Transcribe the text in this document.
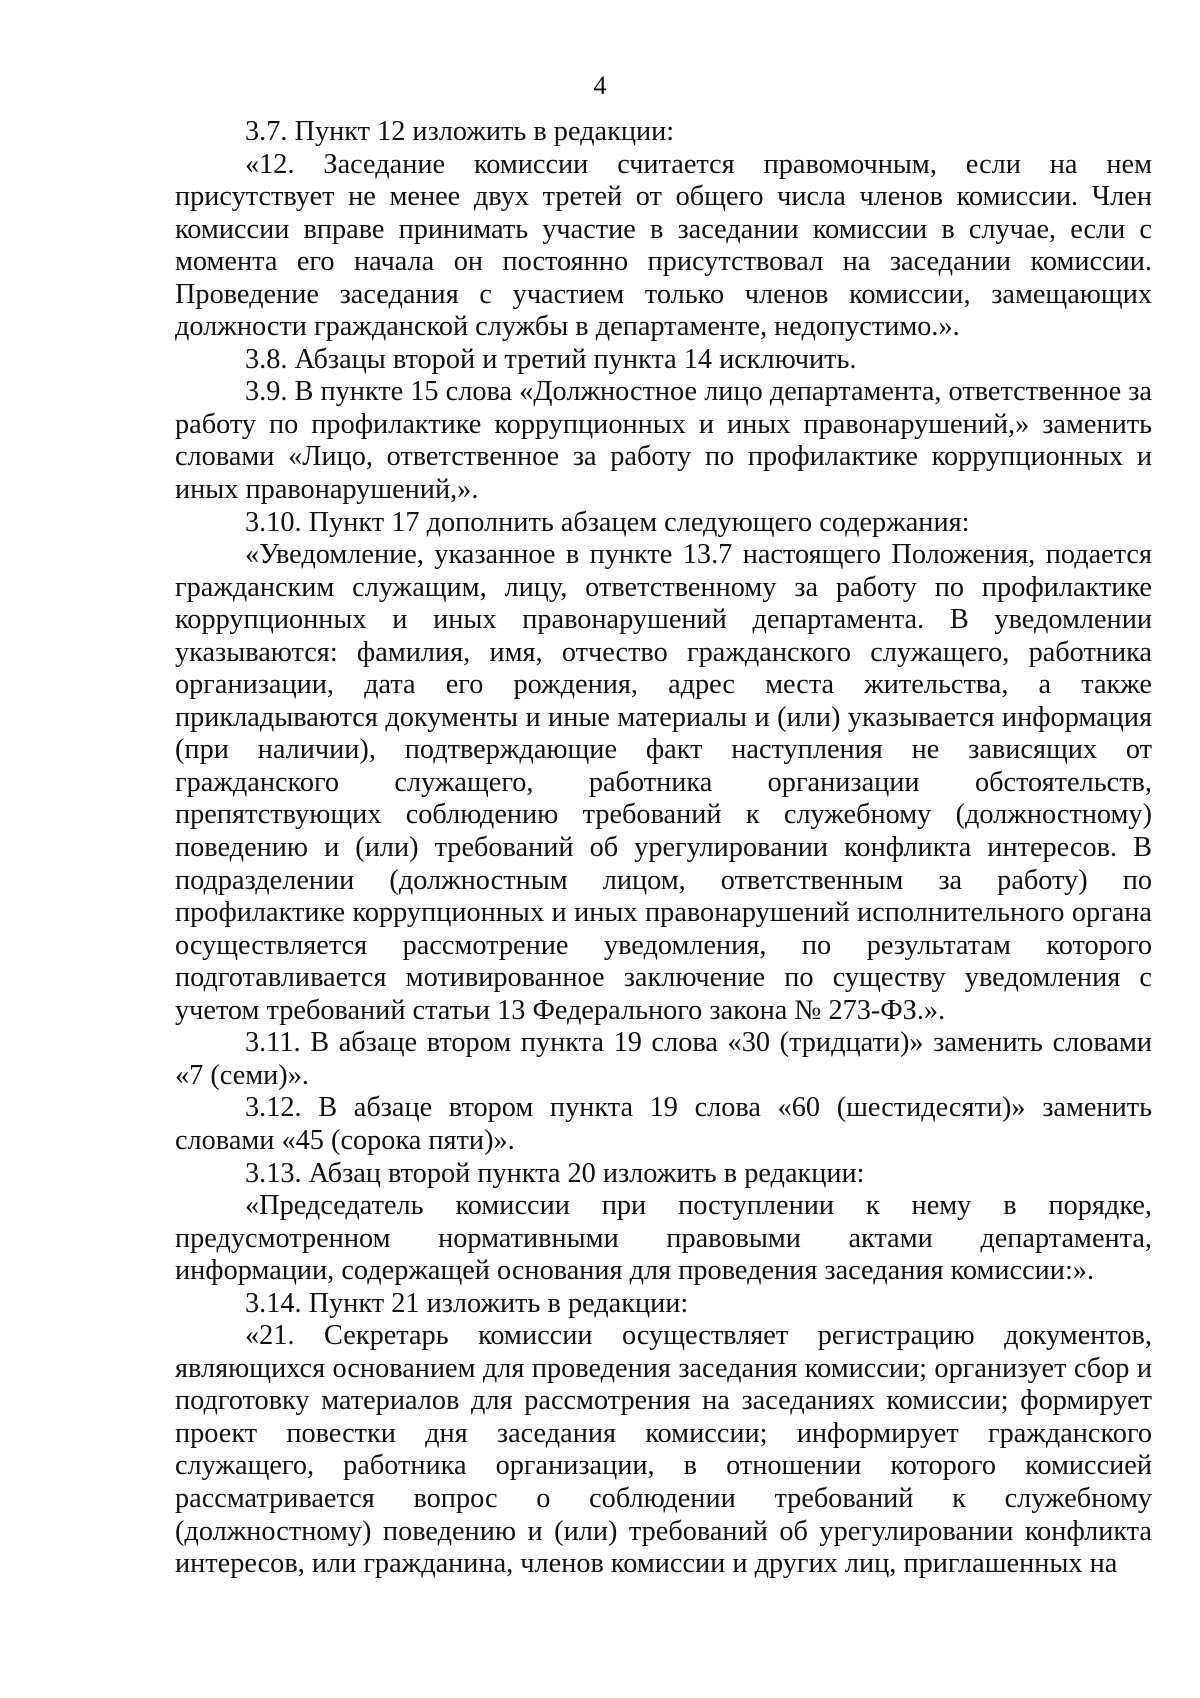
4

3.7. Пункт 12 изложить в редакции:

«12. Заседание комиссии считается правомочным, если на нем присутствует не менее двух третей от общего числа членов комиссии. Член комиссии вправе принимать участие в заседании комиссии в случае, если с момента его начала он постоянно присутствовал на заседании комиссии. Проведение заседания с участием только членов комиссии, замещающих должности гражданской службы в департаменте, недопустимо.».

3.8. Абзацы второй и третий пункта 14 исключить.

3.9. В пункте 15 слова «Должностное лицо департамента, ответственное за работу по профилактике коррупционных и иных правонарушений,» заменить словами «Лицо, ответственное за работу по профилактике коррупционных и иных правонарушений,».

3.10. Пункт 17 дополнить абзацем следующего содержания:

«Уведомление, указанное в пункте 13.7 настоящего Положения, подается гражданским служащим, лицу, ответственному за работу по профилактике коррупционных и иных правонарушений департамента. В уведомлении указываются: фамилия, имя, отчество гражданского служащего, работника организации, дата его рождения, адрес места жительства, а также прикладываются документы и иные материалы и (или) указывается информация (при наличии), подтверждающие факт наступления не зависящих от гражданского служащего, работника организации обстоятельств, препятствующих соблюдению требований к служебному (должностному) поведению и (или) требований об урегулировании конфликта интересов. В подразделении (должностным лицом, ответственным за работу) по профилактике коррупционных и иных правонарушений исполнительного органа осуществляется рассмотрение уведомления, по результатам которого подготавливается мотивированное заключение по существу уведомления с учетом требований статьи 13 Федерального закона № 273-ФЗ.».

3.11. В абзаце втором пункта 19 слова «30 (тридцати)» заменить словами «7 (семи)».

3.12. В абзаце втором пункта 19 слова «60 (шестидесяти)» заменить словами «45 (сорока пяти)».

3.13. Абзац второй пункта 20 изложить в редакции:

«Председатель комиссии при поступлении к нему в порядке, предусмотренном нормативными правовыми актами департамента, информации, содержащей основания для проведения заседания комиссии:».

3.14. Пункт 21 изложить в редакции:

«21. Секретарь комиссии осуществляет регистрацию документов, являющихся основанием для проведения заседания комиссии; организует сбор и подготовку материалов для рассмотрения на заседаниях комиссии; формирует проект повестки дня заседания комиссии; информирует гражданского служащего, работника организации, в отношении которого комиссией рассматривается вопрос о соблюдении требований к служебному (должностному) поведению и (или) требований об урегулировании конфликта интересов, или гражданина, членов комиссии и других лиц, приглашенных на
